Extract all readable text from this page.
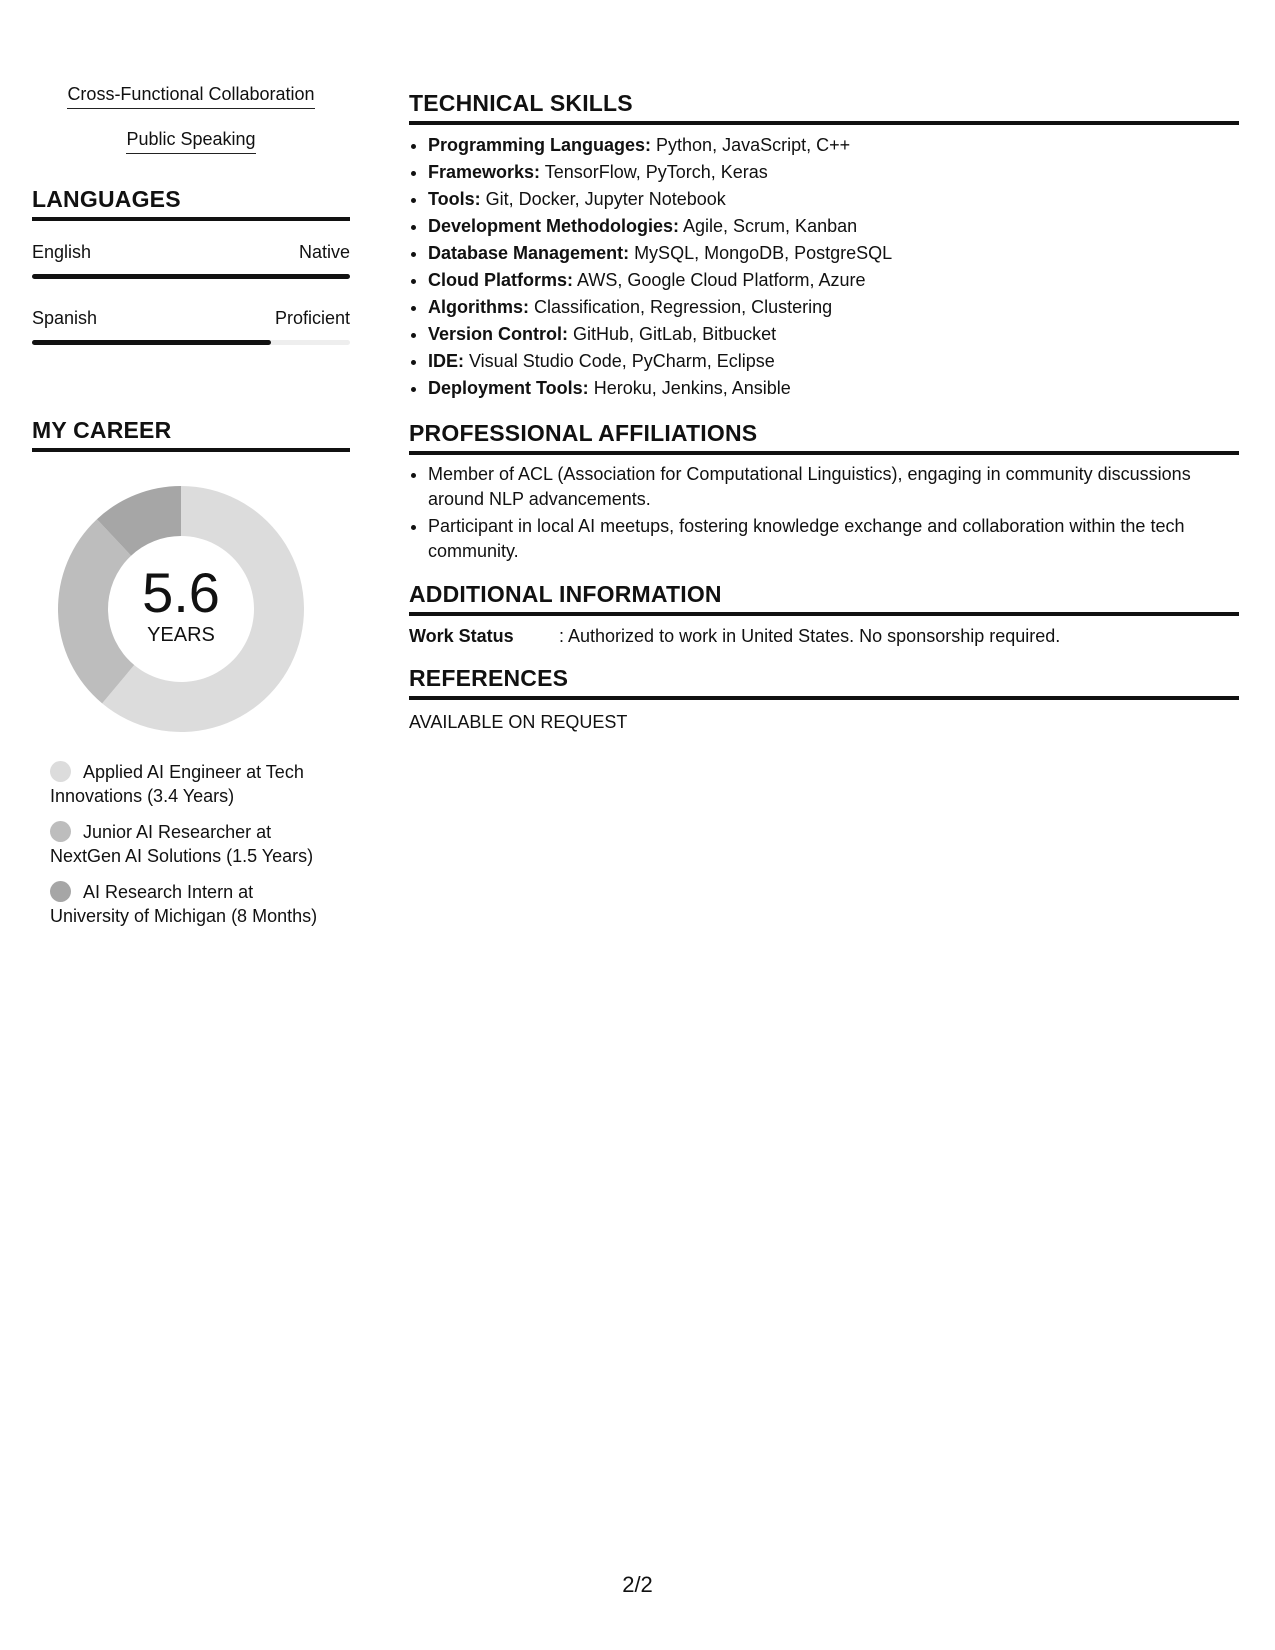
Cross-Functional Collaboration
Public Speaking
LANGUAGES
English	Native
Spanish	Proficient
MY CAREER
5.6
YEARS
Applied AI Engineer at Tech Innovations (3.4 Years)
Junior AI Researcher at NextGen AI Solutions (1.5 Years)
AI Research Intern at University of Michigan (8 Months)
TECHNICAL SKILLS
• Programming Languages: Python, JavaScript, C++
• Frameworks: TensorFlow, PyTorch, Keras
• Tools: Git, Docker, Jupyter Notebook
• Development Methodologies: Agile, Scrum, Kanban
• Database Management: MySQL, MongoDB, PostgreSQL
• Cloud Platforms: AWS, Google Cloud Platform, Azure
• Algorithms: Classification, Regression, Clustering
• Version Control: GitHub, GitLab, Bitbucket
• IDE: Visual Studio Code, PyCharm, Eclipse
• Deployment Tools: Heroku, Jenkins, Ansible
PROFESSIONAL AFFILIATIONS
• Member of ACL (Association for Computational Linguistics), engaging in community discussions around NLP advancements.
• Participant in local AI meetups, fostering knowledge exchange and collaboration within the tech community.
ADDITIONAL INFORMATION
Work Status	: Authorized to work in United States. No sponsorship required.
REFERENCES
AVAILABLE ON REQUEST
2/2
